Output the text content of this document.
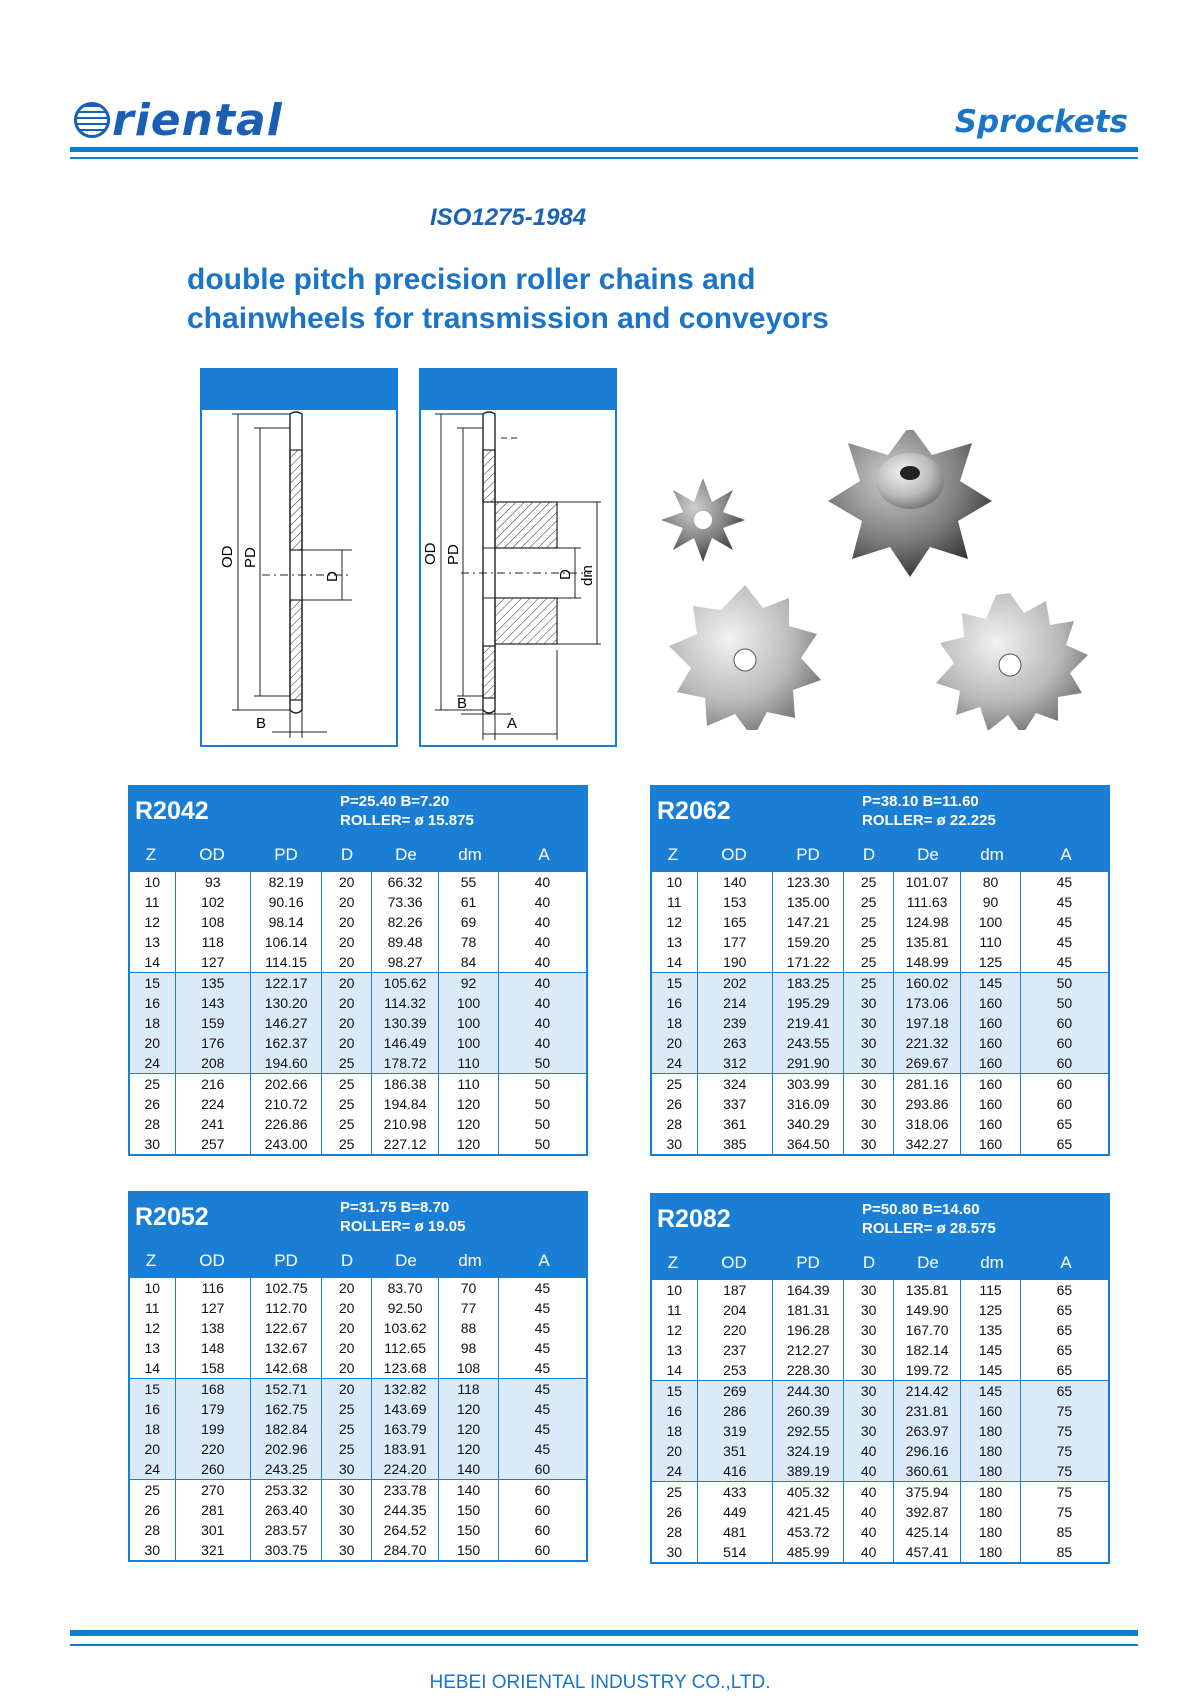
riental	Sprockets
ISO1275-1984
double pitch precision roller chains and
chainwheels for transmission and conveyors
OD PD
D
B
OD PD
D dm
B
A
R2042	P=25.40 B=7.20
ROLLER= ø 15.875
Z	OD	PD	D	De	dm	A
10	93	82.19	20	66.32	55	40
11	102	90.16	20	73.36	61	40
12	108	98.14	20	82.26	69	40
13	118	106.14	20	89.48	78	40
14	127	114.15	20	98.27	84	40
15	135	122.17	20	105.62	92	40
16	143	130.20	20	114.32	100	40
18	159	146.27	20	130.39	100	40
20	176	162.37	20	146.49	100	40
24	208	194.60	25	178.72	110	50
25	216	202.66	25	186.38	110	50
26	224	210.72	25	194.84	120	50
28	241	226.86	25	210.98	120	50
30	257	243.00	25	227.12	120	50
R2062	P=38.10 B=11.60
ROLLER= ø 22.225
Z	OD	PD	D	De	dm	A
10	140	123.30	25	101.07	80	45
11	153	135.00	25	111.63	90	45
12	165	147.21	25	124.98	100	45
13	177	159.20	25	135.81	110	45
14	190	171.22	25	148.99	125	45
15	202	183.25	25	160.02	145	50
16	214	195.29	30	173.06	160	50
18	239	219.41	30	197.18	160	60
20	263	243.55	30	221.32	160	60
24	312	291.90	30	269.67	160	60
25	324	303.99	30	281.16	160	60
26	337	316.09	30	293.86	160	60
28	361	340.29	30	318.06	160	65
30	385	364.50	30	342.27	160	65
R2052	P=31.75 B=8.70
ROLLER= ø 19.05
Z	OD	PD	D	De	dm	A
10	116	102.75	20	83.70	70	45
11	127	112.70	20	92.50	77	45
12	138	122.67	20	103.62	88	45
13	148	132.67	20	112.65	98	45
14	158	142.68	20	123.68	108	45
15	168	152.71	20	132.82	118	45
16	179	162.75	25	143.69	120	45
18	199	182.84	25	163.79	120	45
20	220	202.96	25	183.91	120	45
24	260	243.25	30	224.20	140	60
25	270	253.32	30	233.78	140	60
26	281	263.40	30	244.35	150	60
28	301	283.57	30	264.52	150	60
30	321	303.75	30	284.70	150	60
R2082	P=50.80 B=14.60
ROLLER= ø 28.575
Z	OD	PD	D	De	dm	A
10	187	164.39	30	135.81	115	65
11	204	181.31	30	149.90	125	65
12	220	196.28	30	167.70	135	65
13	237	212.27	30	182.14	145	65
14	253	228.30	30	199.72	145	65
15	269	244.30	30	214.42	145	65
16	286	260.39	30	231.81	160	75
18	319	292.55	30	263.97	180	75
20	351	324.19	40	296.16	180	75
24	416	389.19	40	360.61	180	75
25	433	405.32	40	375.94	180	75
26	449	421.45	40	392.87	180	75
28	481	453.72	40	425.14	180	85
30	514	485.99	40	457.41	180	85
HEBEI ORIENTAL INDUSTRY CO.,LTD.
